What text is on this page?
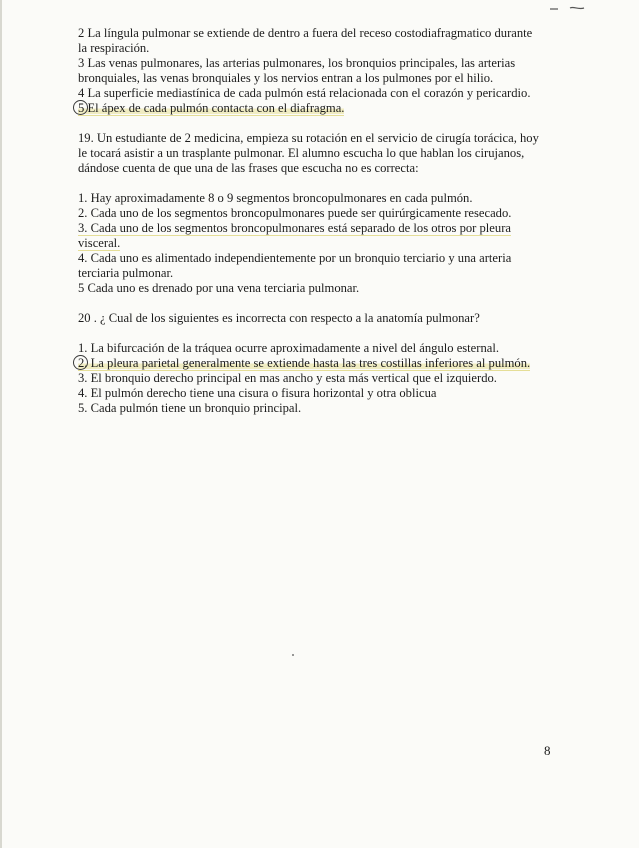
2 La língula pulmonar se extiende de dentro a fuera del receso costodiafragmatico durante
la respiración.
3 Las venas pulmonares, las arterias pulmonares, los bronquios principales, las arterias
bronquiales, las venas bronquiales y los nervios entran a los pulmones por el hilio.
4 La superficie mediastínica de cada pulmón está relacionada con el corazón y pericardio.
5 El ápex de cada pulmón contacta con el diafragma.
19. Un estudiante de 2 medicina, empieza su rotación en el servicio de cirugía torácica, hoy
le tocará asistir a un trasplante pulmonar. El alumno escucha lo que hablan los cirujanos,
dándose cuenta de que una de las frases que escucha no es correcta:
1. Hay aproximadamente 8 o 9 segmentos broncopulmonares en cada pulmón.
2. Cada uno de los segmentos broncopulmonares puede ser quirúrgicamente resecado.
3. Cada uno de los segmentos broncopulmonares está separado de los otros por pleura
visceral.
4. Cada uno es alimentado independientemente por un bronquio terciario y una arteria
terciaria pulmonar.
5 Cada uno es drenado por una vena terciaria pulmonar.
20 . ¿ Cual de los siguientes es incorrecta con respecto a la anatomía pulmonar?
1. La bifurcación de la tráquea ocurre aproximadamente a nivel del ángulo esternal.
2. La pleura parietal generalmente se extiende hasta las tres costillas inferiores al pulmón.
3. El bronquio derecho principal en mas ancho y esta más vertical que el izquierdo.
4. El pulmón derecho tiene una cisura o fisura horizontal y otra oblicua
5. Cada pulmón tiene un bronquio principal.
8
